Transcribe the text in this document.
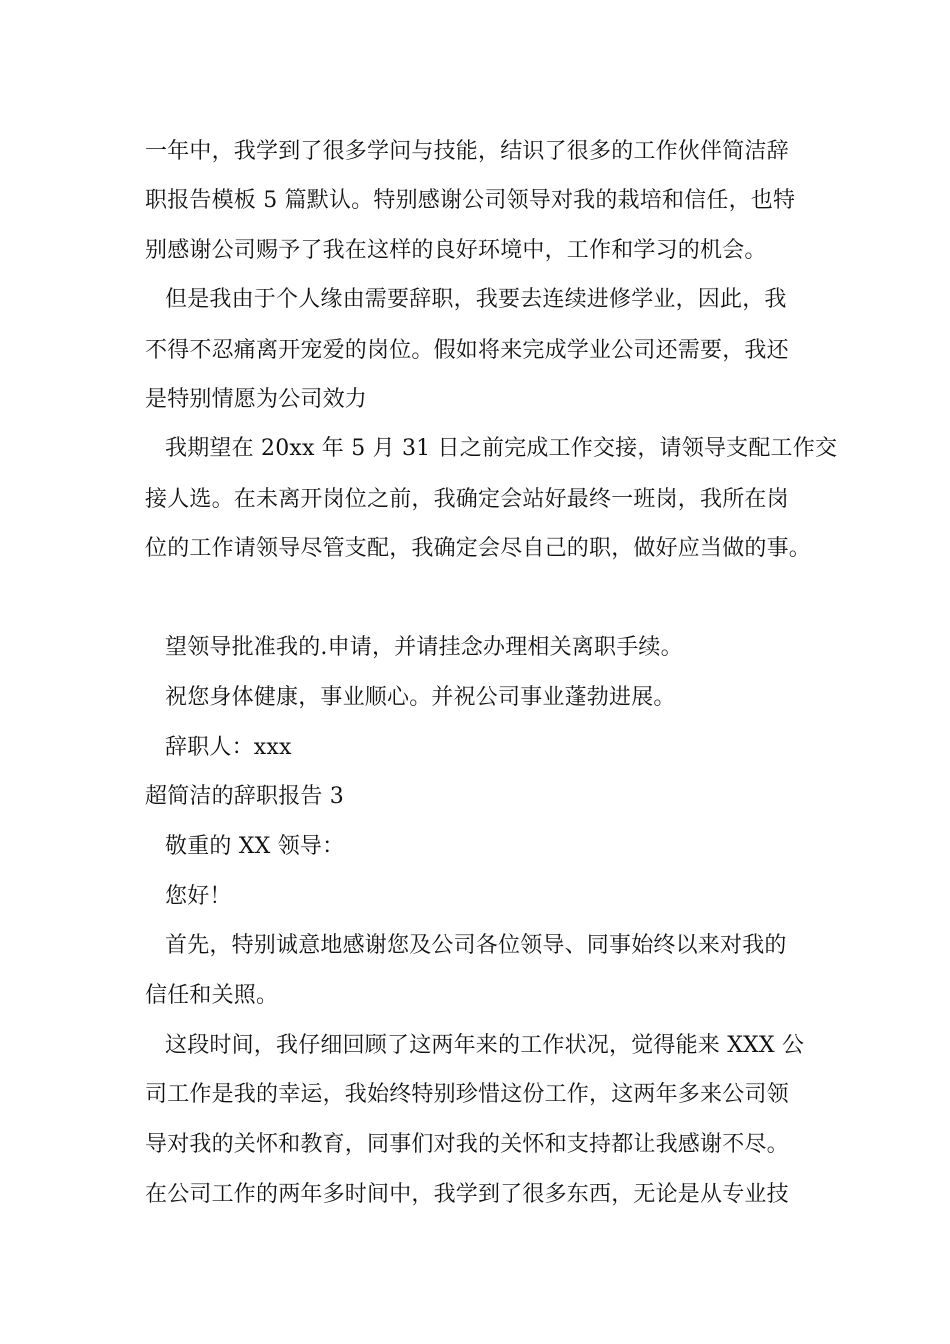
一年中，我学到了很多学问与技能，结识了很多的工作伙伴简洁辞
职报告模板 5 篇默认。特别感谢公司领导对我的栽培和信任，也特
别感谢公司赐予了我在这样的良好环境中，工作和学习的机会。
但是我由于个人缘由需要辞职，我要去连续进修学业，因此，我
不得不忍痛离开宠爱的岗位。假如将来完成学业公司还需要，我还
是特别情愿为公司效力
我期望在 20xx 年 5 月 31 日之前完成工作交接，请领导支配工作交
接人选。在未离开岗位之前，我确定会站好最终一班岗，我所在岗
位的工作请领导尽管支配，我确定会尽自己的职，做好应当做的事。
望领导批准我的.申请，并请挂念办理相关离职手续。
祝您身体健康，事业顺心。并祝公司事业蓬勃进展。
辞职人：xxx
超简洁的辞职报告 3
敬重的 XX 领导：
您好！
首先，特别诚意地感谢您及公司各位领导、同事始终以来对我的
信任和关照。
这段时间，我仔细回顾了这两年来的工作状况，觉得能来 XXX 公
司工作是我的幸运，我始终特别珍惜这份工作，这两年多来公司领
导对我的关怀和教育，同事们对我的关怀和支持都让我感谢不尽。
在公司工作的两年多时间中，我学到了很多东西，无论是从专业技
